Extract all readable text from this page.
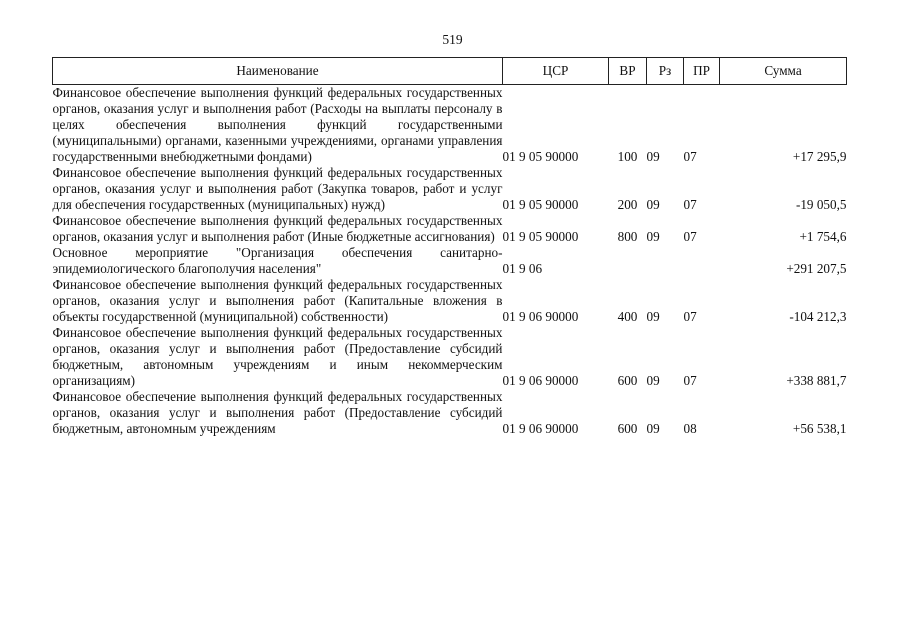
519
Наименование	ЦСР	ВР	Рз	ПР	Сумма
Финансовое обеспечение выполнения функций федеральных государственных органов, оказания услуг и выполнения работ (Расходы на выплаты персоналу в целях обеспечения выполнения функций государственными (муниципальными) органами, казенными учреждениями, органами управления государственными внебюджетными фондами)	01 9 05 90000	100	09	07	+17 295,9
Финансовое обеспечение выполнения функций федеральных государственных органов, оказания услуг и выполнения работ (Закупка товаров, работ и услуг для обеспечения государственных (муниципальных) нужд)	01 9 05 90000	200	09	07	-19 050,5
Финансовое обеспечение выполнения функций федеральных государственных органов, оказания услуг и выполнения работ (Иные бюджетные ассигнования)	01 9 05 90000	800	09	07	+1 754,6
Основное мероприятие "Организация обеспечения санитарно-эпидемиологического благополучия населения"	01 9 06				+291 207,5
Финансовое обеспечение выполнения функций федеральных государственных органов, оказания услуг и выполнения работ (Капитальные вложения в объекты государственной (муниципальной) собственности)	01 9 06 90000	400	09	07	-104 212,3
Финансовое обеспечение выполнения функций федеральных государственных органов, оказания услуг и выполнения работ (Предоставление субсидий бюджетным, автономным учреждениям и иным некоммерческим организациям)	01 9 06 90000	600	09	07	+338 881,7
Финансовое обеспечение выполнения функций федеральных государственных органов, оказания услуг и выполнения работ (Предоставление субсидий бюджетным, автономным учреждениям	01 9 06 90000	600	09	08	+56 538,1
